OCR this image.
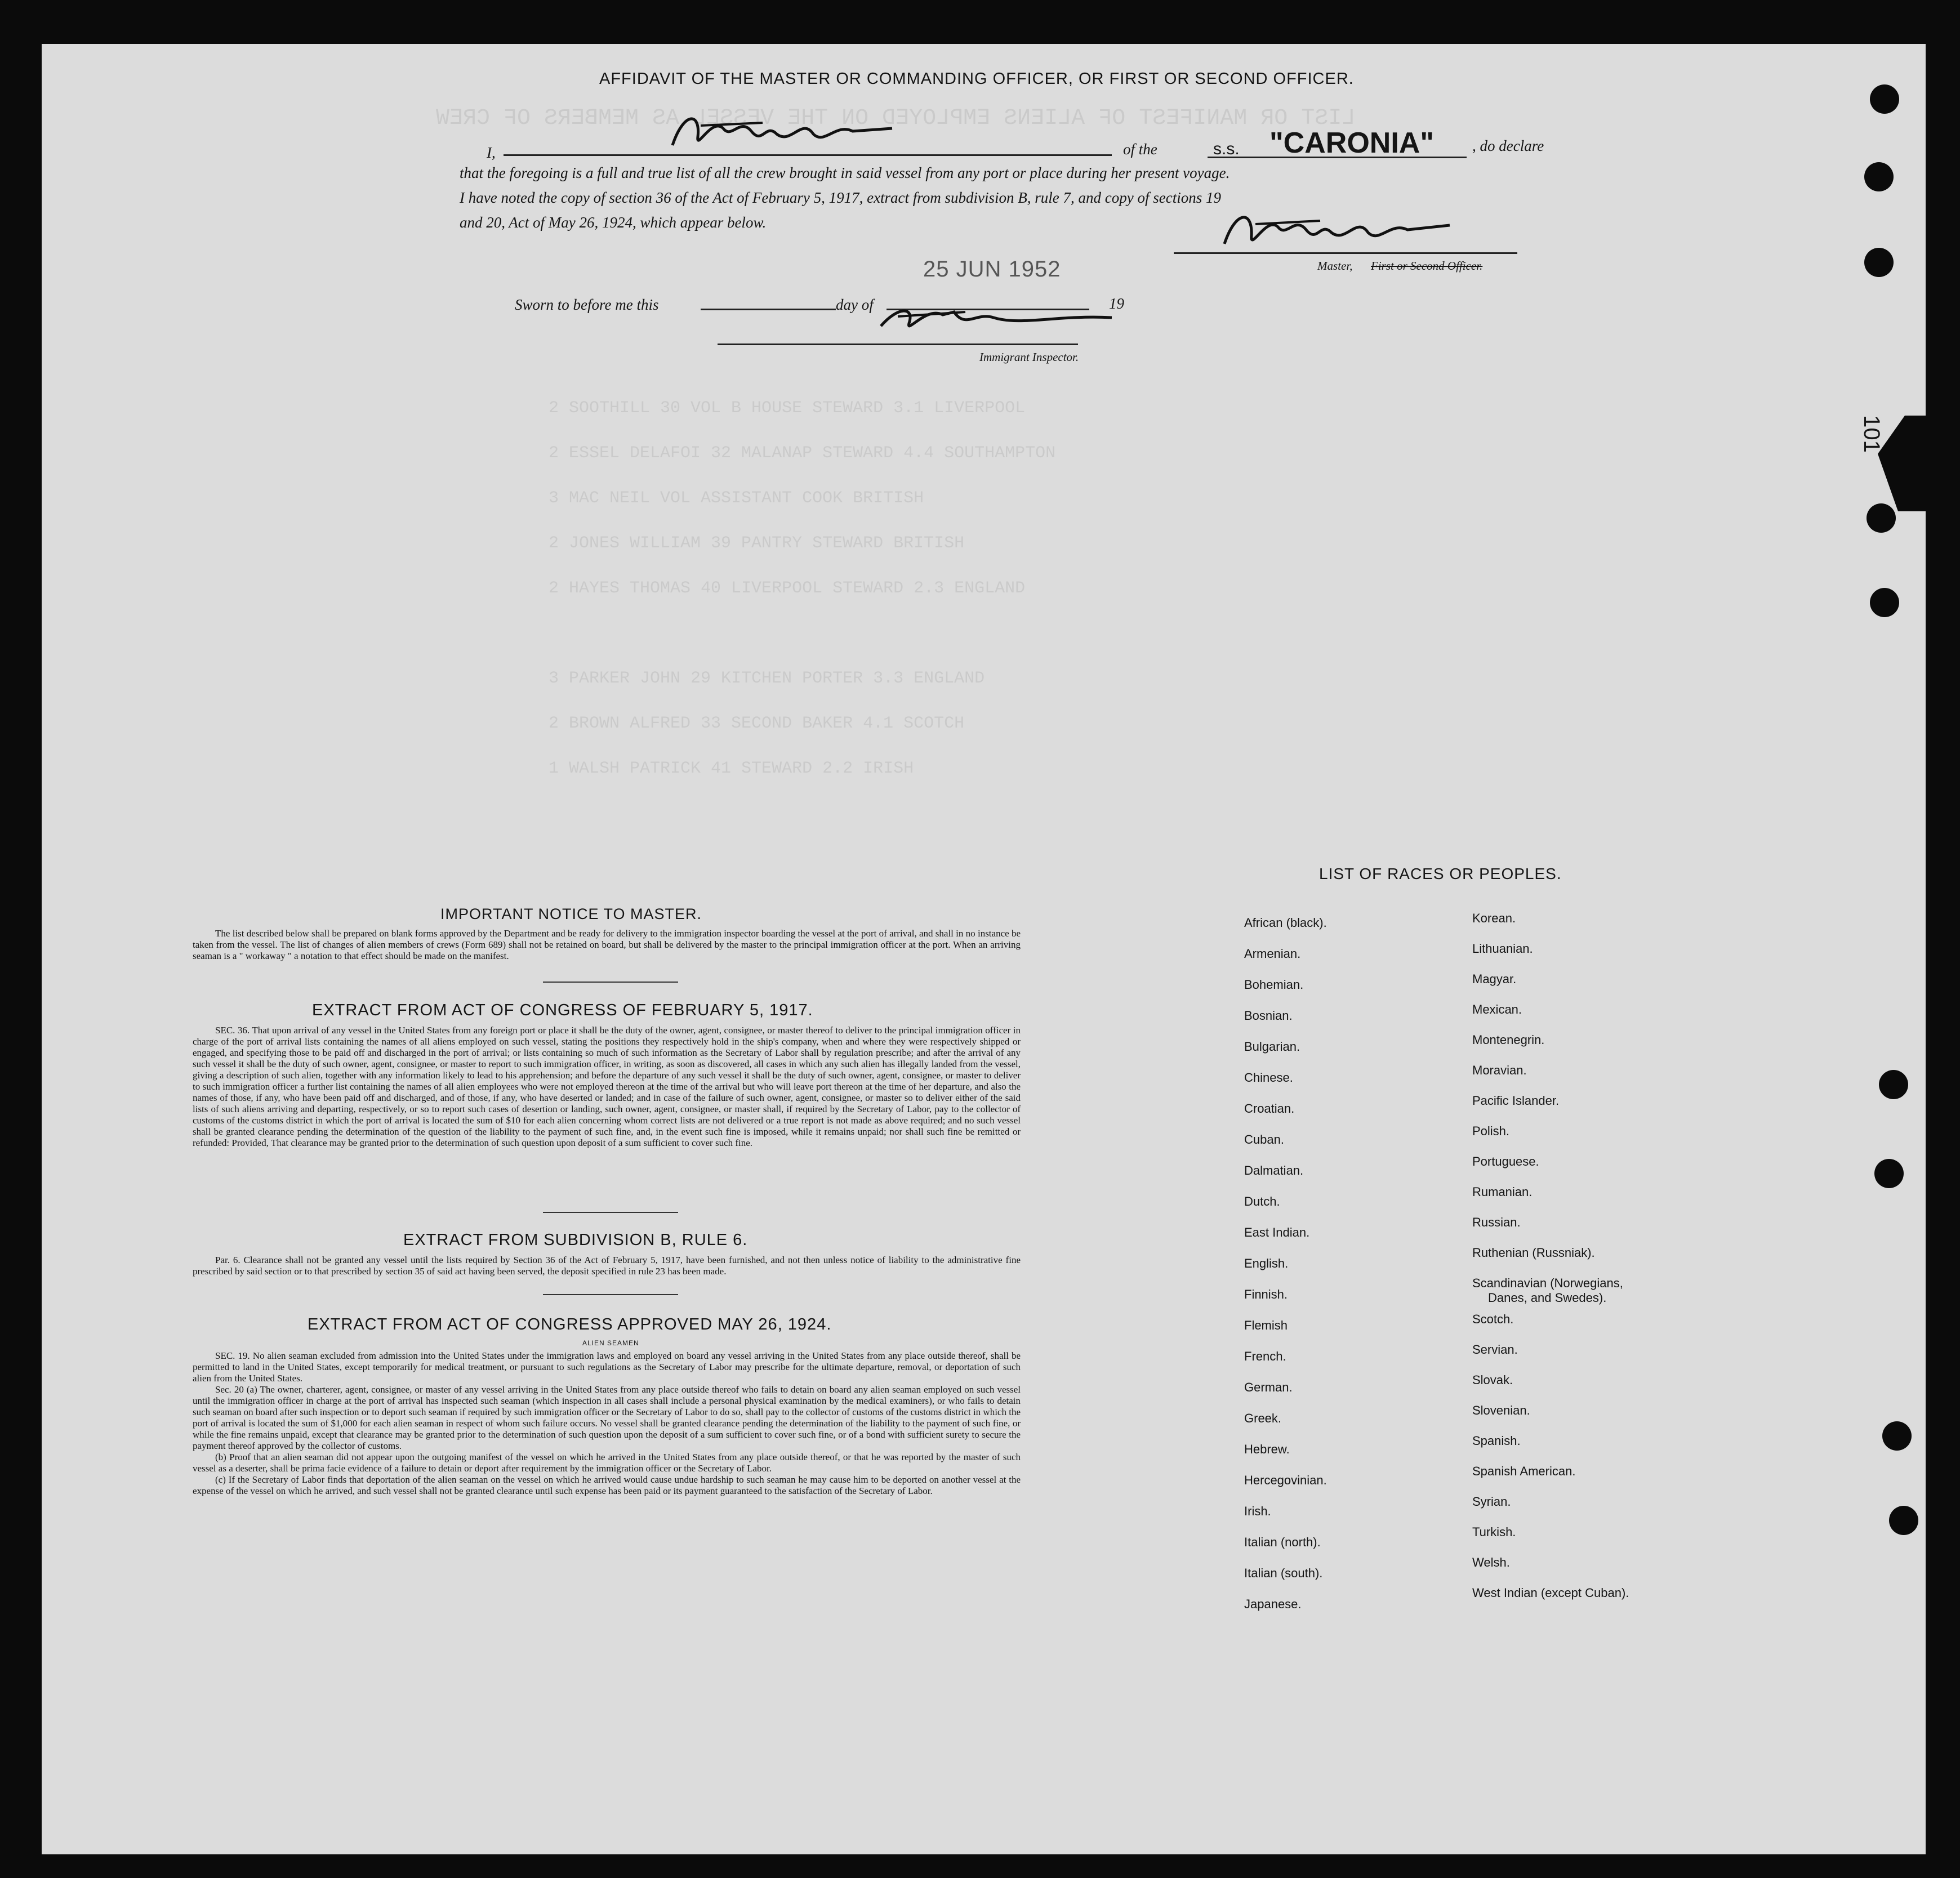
LIST OR MANIFEST OF ALIENS EMPLOYED ON THE VESSEL AS MEMBERS OF CREW
2 SOOTHILL 30 VOL B HOUSE STEWARD 3.1 LIVERPOOL
2 ESSEL DELAFOI 32 MALANAP STEWARD 4.4 SOUTHAMPTON
3 MAC NEIL VOL ASSISTANT COOK BRITISH
2 JONES WILLIAM 39 PANTRY STEWARD BRITISH
2 HAYES THOMAS 40 LIVERPOOL STEWARD 2.3 ENGLAND
3 PARKER JOHN 29 KITCHEN PORTER 3.3 ENGLAND
2 BROWN ALFRED 33 SECOND BAKER 4.1 SCOTCH
1 WALSH PATRICK 41 STEWARD 2.2 IRISH
101
AFFIDAVIT OF THE MASTER OR COMMANDING OFFICER, OR FIRST OR SECOND OFFICER.
I,	of the	s.s. "CARONIA"	, do declare
that the foregoing is a full and true list of all the crew brought in said vessel from any port or place during her present voyage.
I have noted the copy of section 36 of the Act of February 5, 1917, extract from subdivision B, rule 7, and copy of sections 19
and 20, Act of May 26, 1924, which appear below.
Master, First or Second Officer.
25 JUN 1952
Sworn to before me this	day of	19
Immigrant Inspector.
IMPORTANT NOTICE TO MASTER.
The list described below shall be prepared on blank forms approved by the Department and be ready for delivery to the immigration inspector boarding the vessel at the port of arrival, and shall in no instance be taken from the vessel. The list of changes of alien members of crews (Form 689) shall not be retained on board, but shall be delivered by the master to the principal immigration officer at the port. When an arriving seaman is a " workaway " a notation to that effect should be made on the manifest.
EXTRACT FROM ACT OF CONGRESS OF FEBRUARY 5, 1917.
SEC. 36. That upon arrival of any vessel in the United States from any foreign port or place it shall be the duty of the owner, agent, consignee, or master thereof to deliver to the principal immigration officer in charge of the port of arrival lists containing the names of all aliens employed on such vessel, stating the positions they respectively hold in the ship's company, when and where they were respectively shipped or engaged, and specifying those to be paid off and discharged in the port of arrival; or lists containing so much of such information as the Secretary of Labor shall by regulation prescribe; and after the arrival of any such vessel it shall be the duty of such owner, agent, consignee, or master to report to such immigration officer, in writing, as soon as discovered, all cases in which any such alien has illegally landed from the vessel, giving a description of such alien, together with any information likely to lead to his apprehension; and before the departure of any such vessel it shall be the duty of such owner, agent, consignee, or master to deliver to such immigration officer a further list containing the names of all alien employees who were not employed thereon at the time of the arrival but who will leave port thereon at the time of her departure, and also the names of those, if any, who have been paid off and discharged, and of those, if any, who have deserted or landed; and in case of the failure of such owner, agent, consignee, or master so to deliver either of the said lists of such aliens arriving and departing, respectively, or so to report such cases of desertion or landing, such owner, agent, consignee, or master shall, if required by the Secretary of Labor, pay to the collector of customs of the customs district in which the port of arrival is located the sum of $10 for each alien concerning whom correct lists are not delivered or a true report is not made as above required; and no such vessel shall be granted clearance pending the determination of the question of the liability to the payment of such fine, and, in the event such fine is imposed, while it remains unpaid; nor shall such fine be remitted or refunded: Provided, That clearance may be granted prior to the determination of such question upon deposit of a sum sufficient to cover such fine.
EXTRACT FROM SUBDIVISION B, RULE 6.
Par. 6. Clearance shall not be granted any vessel until the lists required by Section 36 of the Act of February 5, 1917, have been furnished, and not then unless notice of liability to the administrative fine prescribed by said section or to that prescribed by section 35 of said act having been served, the deposit specified in rule 23 has been made.
EXTRACT FROM ACT OF CONGRESS APPROVED MAY 26, 1924.
ALIEN SEAMEN

SEC. 19. No alien seaman excluded from admission into the United States under the immigration laws and employed on board any vessel arriving in the United States from any place outside thereof, shall be permitted to land in the United States, except temporarily for medical treatment, or pursuant to such regulations as the Secretary of Labor may prescribe for the ultimate departure, removal, or deportation of such alien from the United States.

Sec. 20 (a) The owner, charterer, agent, consignee, or master of any vessel arriving in the United States from any place outside thereof who fails to detain on board any alien seaman employed on such vessel until the immigration officer in charge at the port of arrival has inspected such seaman (which inspection in all cases shall include a personal physical examination by the medical examiners), or who fails to detain such seaman on board after such inspection or to deport such seaman if required by such immigration officer or the Secretary of Labor to do so, shall pay to the collector of customs of the customs district in which the port of arrival is located the sum of $1,000 for each alien seaman in respect of whom such failure occurs. No vessel shall be granted clearance pending the determination of the liability to the payment of such fine, or while the fine remains unpaid, except that clearance may be granted prior to the determination of such question upon the deposit of a sum sufficient to cover such fine, or of a bond with sufficient surety to secure the payment thereof approved by the collector of customs.

(b) Proof that an alien seaman did not appear upon the outgoing manifest of the vessel on which he arrived in the United States from any place outside thereof, or that he was reported by the master of such vessel as a deserter, shall be prima facie evidence of a failure to detain or deport after requirement by the immigration officer or the Secretary of Labor.

(c) If the Secretary of Labor finds that deportation of the alien seaman on the vessel on which he arrived would cause undue hardship to such seaman he may cause him to be deported on another vessel at the expense of the vessel on which he arrived, and such vessel shall not be granted clearance until such expense has been paid or its payment guaranteed to the satisfaction of the Secretary of Labor.

LIST OF RACES OR PEOPLES.
African (black).
Armenian.
Bohemian.
Bosnian.
Bulgarian.
Chinese.
Croatian.
Cuban.
Dalmatian.
Dutch.
East Indian.
English.
Finnish.
Flemish
French.
German.
Greek.
Hebrew.
Hercegovinian.
Irish.
Italian (north).
Italian (south).
Japanese.
Korean.
Lithuanian.
Magyar.
Mexican.
Montenegrin.
Moravian.
Pacific Islander.
Polish.
Portuguese.
Rumanian.
Russian.
Ruthenian (Russniak).
Scandinavian (Norwegians,
Danes, and Swedes).
Scotch.
Servian.
Slovak.
Slovenian.
Spanish.
Spanish American.
Syrian.
Turkish.
Welsh.
West Indian (except Cuban).
